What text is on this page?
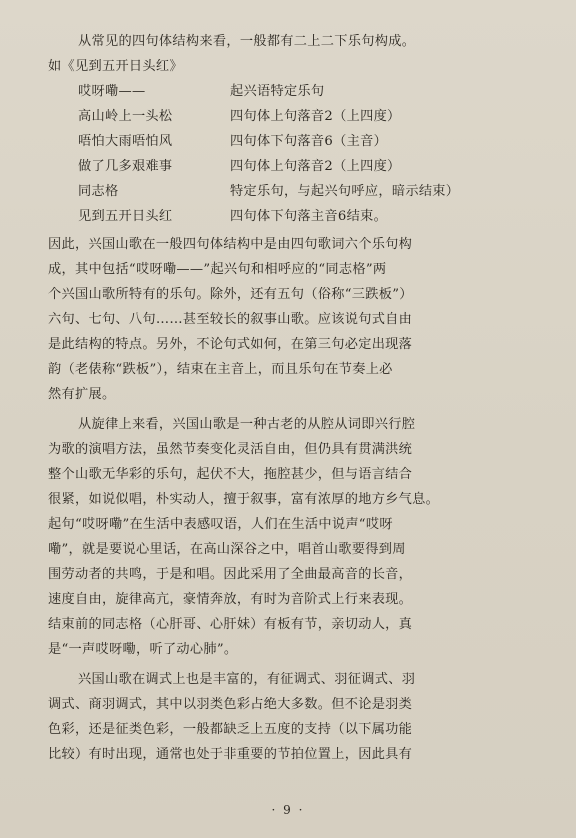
从常见的四句体结构来看，一般都有二上二下乐句构成。
如《见到五开日头红》
哎呀嘞——	起兴语特定乐句
高山岭上一头松	四句体上句落音2（上四度）
唔怕大雨唔怕风	四句体下句落音6（主音）
做了几多艰难事	四句体上句落音2（上四度）
同志格	特定乐句，与起兴句呼应，暗示结束）
见到五开日头红	四句体下句落主音6结束。
因此，兴国山歌在一般四句体结构中是由四句歌词六个乐句构
成，其中包括“哎呀嘞——”起兴句和相呼应的“同志格”两
个兴国山歌所特有的乐句。除外，还有五句（俗称“三跌板”）
六句、七句、八句……甚至较长的叙事山歌。应该说句式自由
是此结构的特点。另外，不论句式如何，在第三句必定出现落
韵（老俵称“跌板”），结束在主音上，而且乐句在节奏上必
然有扩展。
从旋律上来看，兴国山歌是一种古老的从腔从词即兴行腔
为歌的演唱方法，虽然节奏变化灵活自由，但仍具有贯满洪统
整个山歌无华彩的乐句，起伏不大，拖腔甚少，但与语言结合
很紧，如说似唱，朴实动人，擅于叙事，富有浓厚的地方乡气息。
起句“哎呀嘞”在生活中表感叹语，人们在生活中说声“哎呀
嘞”，就是要说心里话，在高山深谷之中，唱首山歌要得到周
围劳动者的共鸣，于是和唱。因此采用了全曲最高音的长音，
速度自由，旋律高亢，豪情奔放，有时为音阶式上行来表现。
结束前的同志格（心肝哥、心肝妹）有板有节，亲切动人，真
是“一声哎呀嘞，听了动心肺”。
兴国山歌在调式上也是丰富的，有征调式、羽征调式、羽
调式、商羽调式，其中以羽类色彩占绝大多数。但不论是羽类
色彩，还是征类色彩，一般都缺乏上五度的支持（以下属功能
比较）有时出现，通常也处于非重要的节拍位置上，因此具有
· 9 ·
